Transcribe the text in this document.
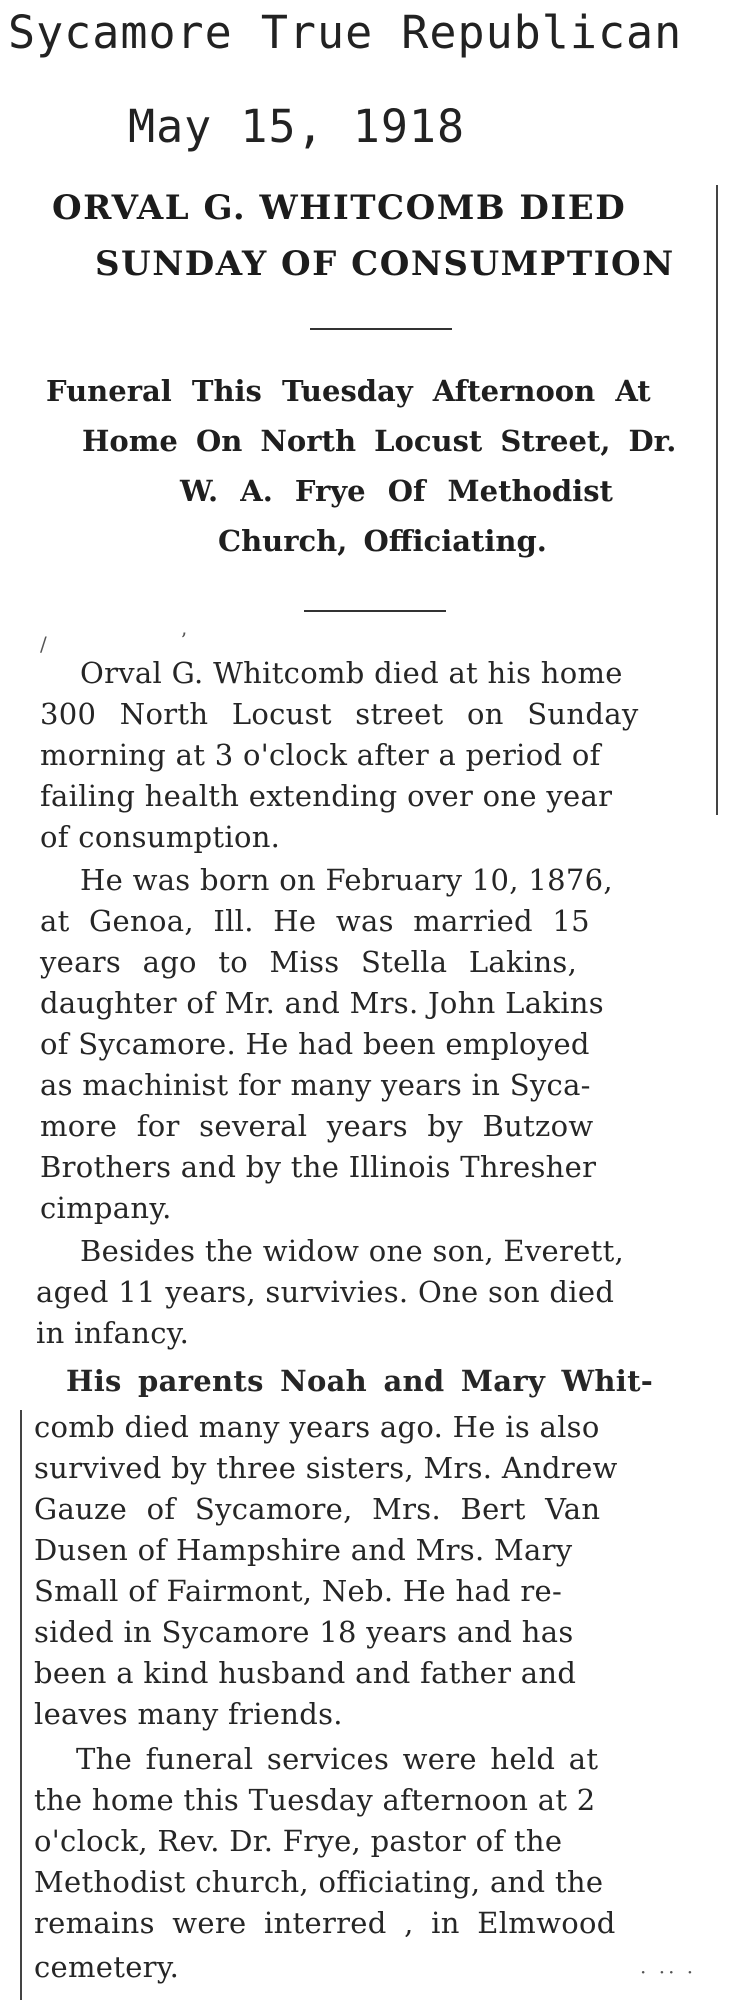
Sycamore True Republican
May 15, 1918
ORVAL G. WHITCOMB DIED
SUNDAY OF CONSUMPTION
Funeral This Tuesday Afternoon At
Home On North Locust Street, Dr.
W. A. Frye Of Methodist
Church, Officiating.
/	ʼ
Orval G. Whitcomb died at his home
300 North Locust street on Sunday
morning at 3 o'clock after a period of
failing health extending over one year
of consumption.
He was born on February 10, 1876,
at Genoa, Ill. He was married 15
years ago to Miss Stella Lakins,
daughter of Mr. and Mrs. John Lakins
of Sycamore. He had been employed
as machinist for many years in Syca-
more for several years by Butzow
Brothers and by the Illinois Thresher
cimpany.
Besides the widow one son, Everett,
aged 11 years, survivies. One son died
in infancy.
His parents Noah and Mary Whit-
comb died many years ago. He is also
survived by three sisters, Mrs. Andrew
Gauze of Sycamore, Mrs. Bert Van
Dusen of Hampshire and Mrs. Mary
Small of Fairmont, Neb. He had re-
sided in Sycamore 18 years and has
been a kind husband and father and
leaves many friends.
The funeral services were held at
the home this Tuesday afternoon at 2
o'clock, Rev. Dr. Frye, pastor of the
Methodist church, officiating, and the
remains were interred , in Elmwood
cemetery.	· ·· ·
